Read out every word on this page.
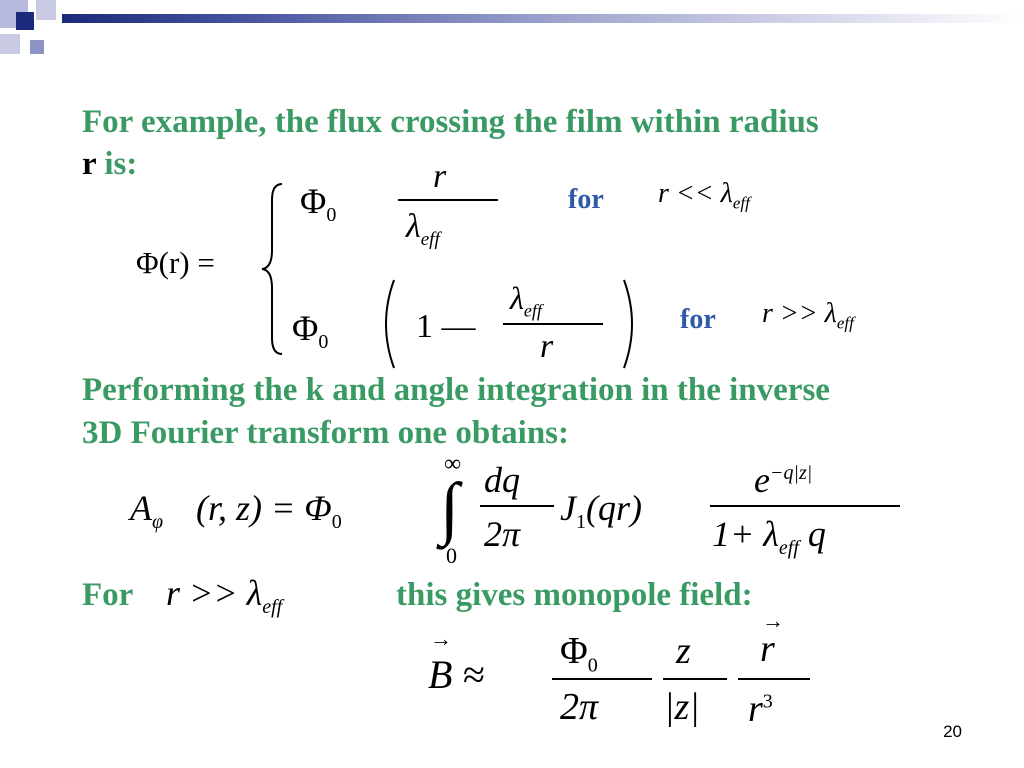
For example, the flux crossing the film within radius
r is:
Φ(r) =
$\Phi_0$
r
$\lambda_{eff}$
for $r << \lambda_{eff}$
$\Phi_0$	1 —
$\lambda_{eff}$
r
for $r >> \lambda_{eff}$
Performing the k and angle integration in the inverse
3D Fourier transform one obtains:
$A_\varphi$ (r, $z) = \Phi_0$
∞
∫
0
dq
2π
$J_1(qr)$
$e^{-q|z|}$
$1+ \lambda_{eff}$ q
For $r >> \lambda_{eff}$	this gives monopole field:
→
B ≈
$\Phi_0$
2π
z
|z|
→
r
$r^3$
20
